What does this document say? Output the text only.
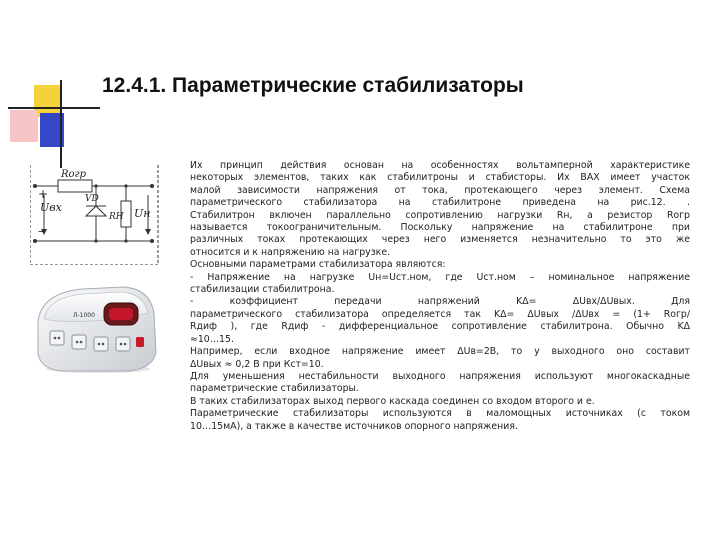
12.4.1. Параметрические стабилизаторы
Rогр
+
Uвх
–
VD
RН Uн
Л-1000

Их принцип действия основан на особенностях вольтамперной характеристике

некоторых элементов, таких как стабилитроны и стабисторы. Их ВАХ имеет участок

малой зависимости напряжения от тока, протекающего через элемент. Схема

параметрического стабилизатора на стабилитроне приведена на рис.12. .

Стабилитрон включен параллельно сопротивлению нагрузки Rн, а резистор Rогр

называется токоограничительным. Поскольку напряжение на стабилитроне при

различных токах протекающих через него изменяется незначительно то это же

относится и к напряжению на нагрузке.

Основными параметрами стабилизатора являются:

- Напряжение на нагрузке Uн=Uст.ном, где Uст.ном – номинальное напряжение

стабилизации стабилитрона.

- коэффициент передачи напряжений KΔ= ΔUвх/ΔUвых. Для

параметрического стабилизатора определяется так KΔ= ΔUвых /ΔUвх = (1+ Rогр/

Rдиф ), где Rдиф - дифференциальное сопротивление стабилитрона. Обычно KΔ

≈10…15.

Например, если входное напряжение имеет ΔUв=2В, то у выходного оно составит

ΔUвых ≈ 0,2 В при Кст=10.

Для уменьшения нестабильности выходного напряжения используют многокаскадные

параметрические стабилизаторы.

В таких стабилизаторах выход первого каскада соединен со входом второго и е.

Параметрические стабилизаторы используются в маломощных источниках (с током

10…15мА), а также в качестве источников опорного напряжения.
